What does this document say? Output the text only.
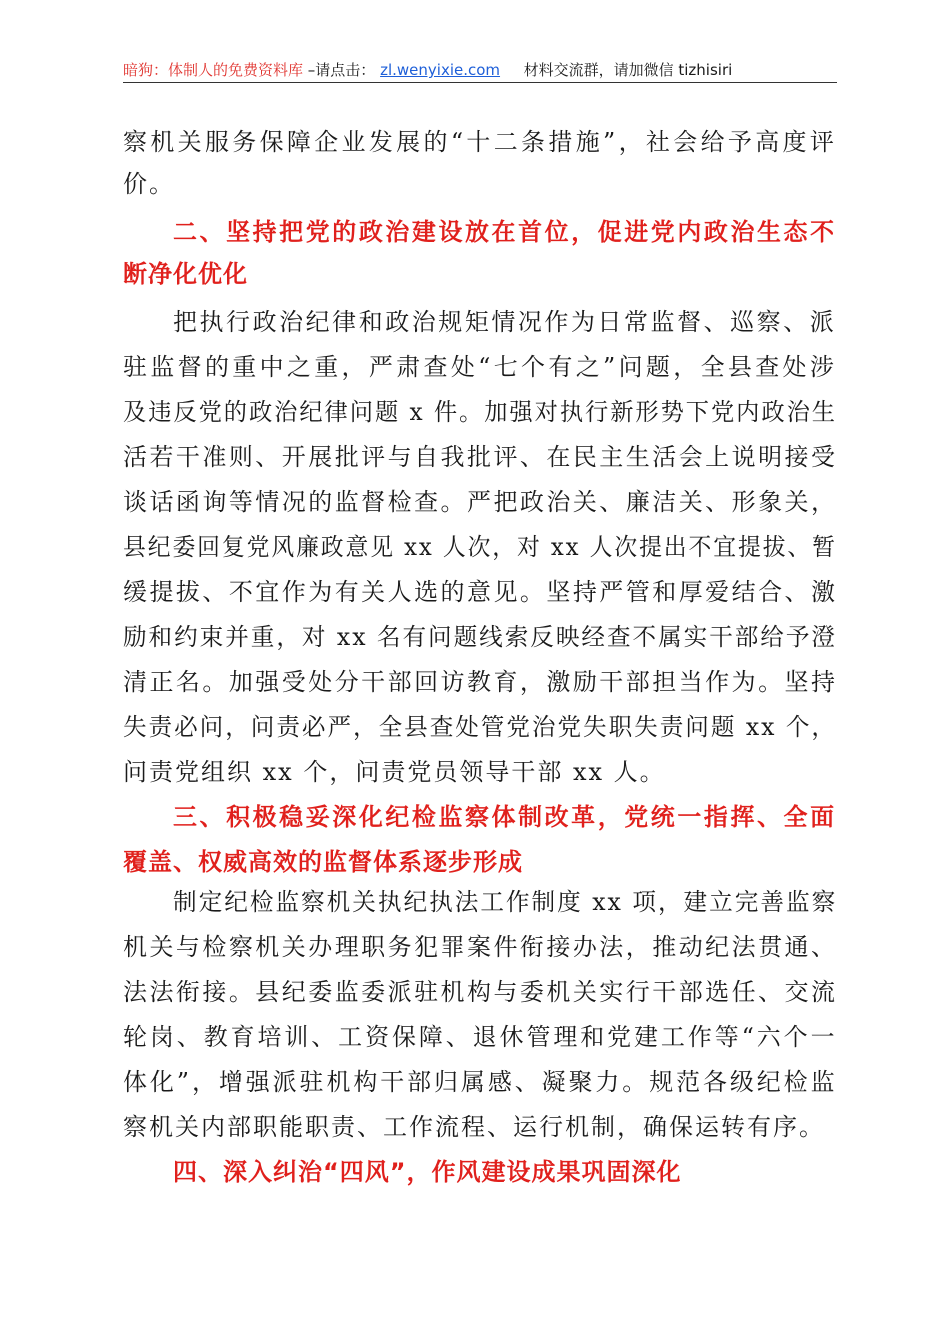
暗狗：体制人的免费资料库 –请点击： zl.wenyixie.com 材料交流群，请加微信 tizhisiri
察机关服务保障企业发展的“十二条措施”，社会给予高度评
价。
二、坚持把党的政治建设放在首位，促进党内政治生态不
断净化优化
把执行政治纪律和政治规矩情况作为日常监督、巡察、派
驻监督的重中之重，严肃查处“七个有之”问题，全县查处涉
及违反党的政治纪律问题 x 件。加强对执行新形势下党内政治生
活若干准则、开展批评与自我批评、在民主生活会上说明接受
谈话函询等情况的监督检查。严把政治关、廉洁关、形象关，
县纪委回复党风廉政意见 xx 人次，对 xx 人次提出不宜提拔、暂
缓提拔、不宜作为有关人选的意见。坚持严管和厚爱结合、激
励和约束并重，对 xx 名有问题线索反映经查不属实干部给予澄
清正名。加强受处分干部回访教育，激励干部担当作为。坚持
失责必问，问责必严，全县查处管党治党失职失责问题 xx 个，
问责党组织 xx 个，问责党员领导干部 xx 人。
三、积极稳妥深化纪检监察体制改革，党统一指挥、全面
覆盖、权威高效的监督体系逐步形成
制定纪检监察机关执纪执法工作制度 xx 项，建立完善监察
机关与检察机关办理职务犯罪案件衔接办法，推动纪法贯通、
法法衔接。县纪委监委派驻机构与委机关实行干部选任、交流
轮岗、教育培训、工资保障、退休管理和党建工作等“六个一
体化”，增强派驻机构干部归属感、凝聚力。规范各级纪检监
察机关内部职能职责、工作流程、运行机制，确保运转有序。
四、深入纠治“四风”，作风建设成果巩固深化
